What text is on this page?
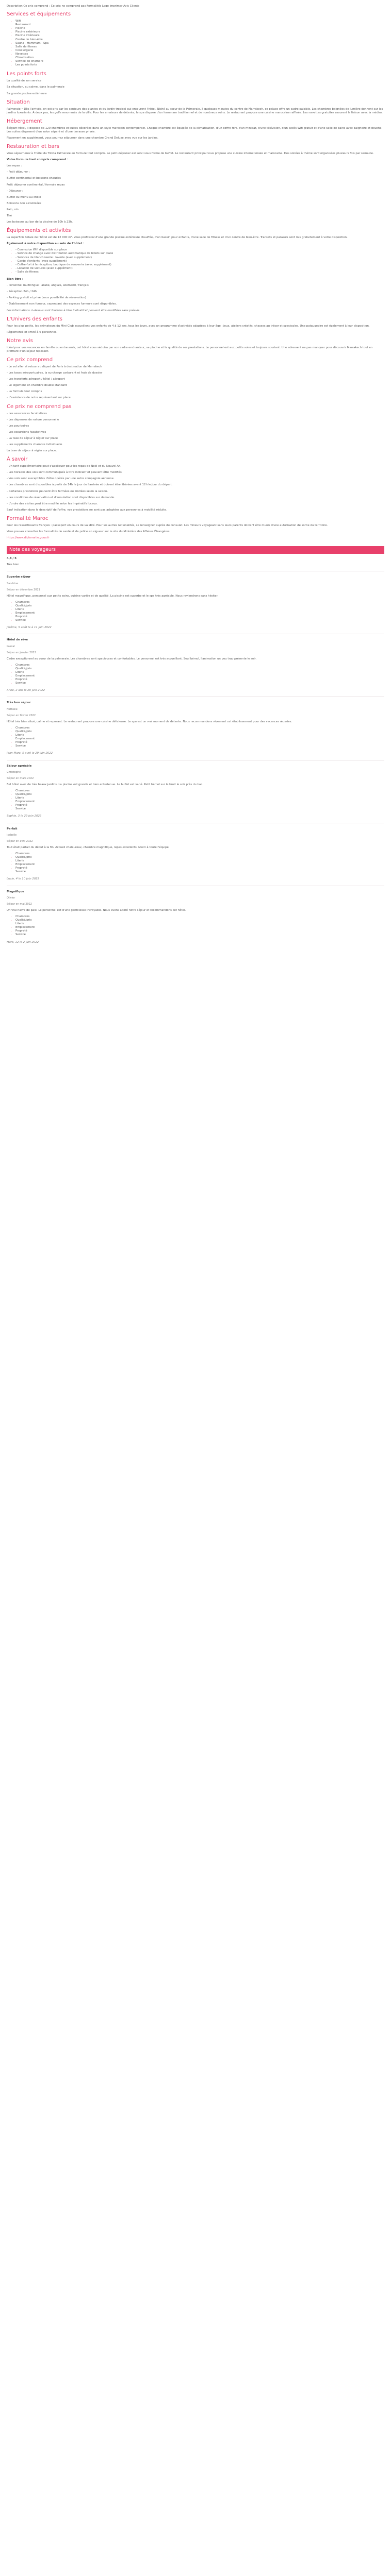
Description Ce prix comprend : Ce prix ne comprend pas Formalités Logo Imprimer Avis Clients

Services et équipements
▪ Wifi
▪ Restaurant
▪ Piscine
▪ Piscine extérieure
▪ Piscine intérieure
▪ Centre de bien-être
▪ Sauna - Hammam - Spa
▪ Salle de fitness
▪ Conciergerie
▪ Navettes
▪ Climatisation
▪ Service de chambre
▪ Les points forts
Les points forts

La qualité de son service

Sa situation, au calme, dans le palmeraie

Sa grande piscine extérieure

Situation

Palmeraie • Dès l'arrivée, on est pris par les senteurs des plantes et du jardin tropical qui entourent l'hôtel. Niché au cœur de la Palmeraie, à quelques minutes du centre de Marrakech, ce palace offre un cadre paisible. Les chambres baignées de lumière donnent sur les jardins luxuriants. À deux pas, les golfs renommés de la ville. Pour les amateurs de détente, le spa dispose d'un hammam traditionnel et de nombreux soins. Le restaurant propose une cuisine marocaine raffinée. Les navettes gratuites assurent la liaison avec la médina.

Hébergement

Élégant hôtel, il dispose de 120 chambres et suites décorées dans un style marocain contemporain. Chaque chambre est équipée de la climatisation, d'un coffre-fort, d'un minibar, d'une télévision, d'un accès Wifi gratuit et d'une salle de bains avec baignoire et douche. Les suites disposent d'un salon séparé et d'une terrasse privée.

Placement en supplément, vous pourrez séjourner dans une chambre Grand Deluxe avec vue sur les jardins.

Restauration et bars

Vous séjournerez à l'hôtel du Tikida Palmeraie en formule tout compris. Le petit-déjeuner est servi sous forme de buffet. Le restaurant principal vous propose une cuisine internationale et marocaine. Des soirées à thème sont organisées plusieurs fois par semaine.

Votre formule tout compris comprend :

Les repas :

- Petit déjeuner :

Buffet continental et boissons chaudes

Petit déjeuner continental / formule repas

- Déjeuner :

Buffet ou menu au choix

Boissons non alcoolisées

Pain, vin

Thé

Les boissons au bar de la piscine de 10h à 23h.

Équipements et activités

La superficie totale de l'hôtel est de 12 000 m². Vous profiterez d'une grande piscine extérieure chauffée, d'un bassin pour enfants, d'une salle de fitness et d'un centre de bien-être. Transats et parasols sont mis gratuitement à votre disposition.

Également à votre disposition au sein de l'hôtel :

▪ - Connexion Wifi disponible sur place
▪ - Service de change avec distribution automatique de billets sur place
▪ - Services de blanchisserie : laverie (avec supplément)
▪ - Garde d'enfants (avec supplément)
▪ - Coffre-fort à la réception, boutique de souvenirs (avec supplément)
▪ - Location de voitures (avec supplément)
▪ - Salle de fitness

Bien-être :

- Personnel multilingue : arabe, anglais, allemand, français

- Réception 24h / 24h

- Parking gratuit et privé (sous possibilité de réservation)

- Établissement non fumeur, cependant des espaces fumeurs sont disponibles.

Les informations ci-dessus sont fournies à titre indicatif et peuvent être modifiées sans préavis.

L'Univers des enfants

Pour les plus petits, les animateurs du Mini-Club accueillent vos enfants de 4 à 12 ans, tous les jours, avec un programme d'activités adaptées à leur âge : jeux, ateliers créatifs, chasses au trésor et spectacles. Une pataugeoire est également à leur disposition.

Réglementé et limité à 6 personnes.

Notre avis

Idéal pour vos vacances en famille ou entre amis, cet hôtel vous séduira par son cadre enchanteur, sa piscine et la qualité de ses prestations. Le personnel est aux petits soins et toujours souriant. Une adresse à ne pas manquer pour découvrir Marrakech tout en profitant d'un séjour reposant.

Ce prix comprend

- Le vol aller et retour au départ de Paris à destination de Marrakech

- Les taxes aéroportuaires, la surcharge carburant et frais de dossier

- Les transferts aéroport / hôtel / aéroport

- Le logement en chambre double standard

- La formule tout compris

- L'assistance de notre représentant sur place

Ce prix ne comprend pas

- Les assurances facultatives

- Les dépenses de nature personnelle

- Les pourboires

- Les excursions facultatives

- La taxe de séjour à régler sur place

- Les suppléments chambre individuelle

La taxe de séjour à régler sur place.

À savoir

- Un tarif supplémentaire peut s'appliquer pour les repas de Noël et du Nouvel An.

- Les horaires des vols sont communiqués à titre indicatif et peuvent être modifiés.

- Vos vols sont susceptibles d'être opérés par une autre compagnie aérienne.

- Les chambres sont disponibles à partir de 14h le jour de l'arrivée et doivent être libérées avant 12h le jour du départ.

- Certaines prestations peuvent être fermées ou limitées selon la saison.

- Les conditions de réservation et d'annulation sont disponibles sur demande.

- L'ordre des visites peut être modifié selon les impératifs locaux.

Sauf indication dans le descriptif de l'offre, vos prestations ne sont pas adaptées aux personnes à mobilité réduite.

Formalité Maroc

Pour les ressortissants français : passeport en cours de validité. Pour les autres nationalités, se renseigner auprès du consulat. Les mineurs voyageant sans leurs parents doivent être munis d'une autorisation de sortie du territoire.

Vous pouvez consulter les formalités de santé et de police en vigueur sur le site du Ministère des Affaires Étrangères.

https://www.diplomatie.gouv.fr

Note des voyageurs

4,8 / 5

Très bien

Superbe séjour

Sandrine

Séjour en décembre 2021

Hôtel magnifique, personnel aux petits soins, cuisine variée et de qualité. La piscine est superbe et le spa très agréable. Nous reviendrons sans hésiter.

▪ Chambres
▪ Qualité/prix
▪ Literie
▪ Emplacement
▪ Propreté
▪ Service

Jérôme, 5 août le à 11 juin 2022

Hôtel de rêve

Pascal

Séjour en janvier 2022

Cadre exceptionnel au cœur de la palmeraie. Les chambres sont spacieuses et confortables. Le personnel est très accueillant. Seul bémol, l'animation un peu trop présente le soir.

▪ Chambres
▪ Qualité/prix
▪ Literie
▪ Emplacement
▪ Propreté
▪ Service

Anne, 2 ans le 20 juin 2022

Très bon séjour

Nathalie

Séjour en février 2022

Hôtel très bien situé, calme et reposant. Le restaurant propose une cuisine délicieuse. Le spa est un vrai moment de détente. Nous recommandons vivement cet établissement pour des vacances réussies.

▪ Chambres
▪ Qualité/prix
▪ Literie
▪ Emplacement
▪ Propreté
▪ Service

Jean-Marc, 5 avril le 29 juin 2022

Séjour agréable

Christophe

Séjour en mars 2022

Bel hôtel avec de très beaux jardins. La piscine est grande et bien entretenue. Le buffet est varié. Petit bémol sur le bruit le soir près du bar.

▪ Chambres
▪ Qualité/prix
▪ Literie
▪ Emplacement
▪ Propreté
▪ Service

Sophie, 3 le 29 juin 2022

Parfait

Isabelle

Séjour en avril 2022

Tout était parfait du début à la fin. Accueil chaleureux, chambre magnifique, repas excellents. Merci à toute l'équipe.

▪ Chambres
▪ Qualité/prix
▪ Literie
▪ Emplacement
▪ Propreté
▪ Service

Lucie, 4 le 10 juin 2022

Magnifique

Olivier

Séjour en mai 2022

Un vrai havre de paix. Le personnel est d'une gentillesse incroyable. Nous avons adoré notre séjour et recommandons cet hôtel.

▪ Chambres
▪ Qualité/prix
▪ Literie
▪ Emplacement
▪ Propreté
▪ Service

Marc, 12 le 2 juin 2022
